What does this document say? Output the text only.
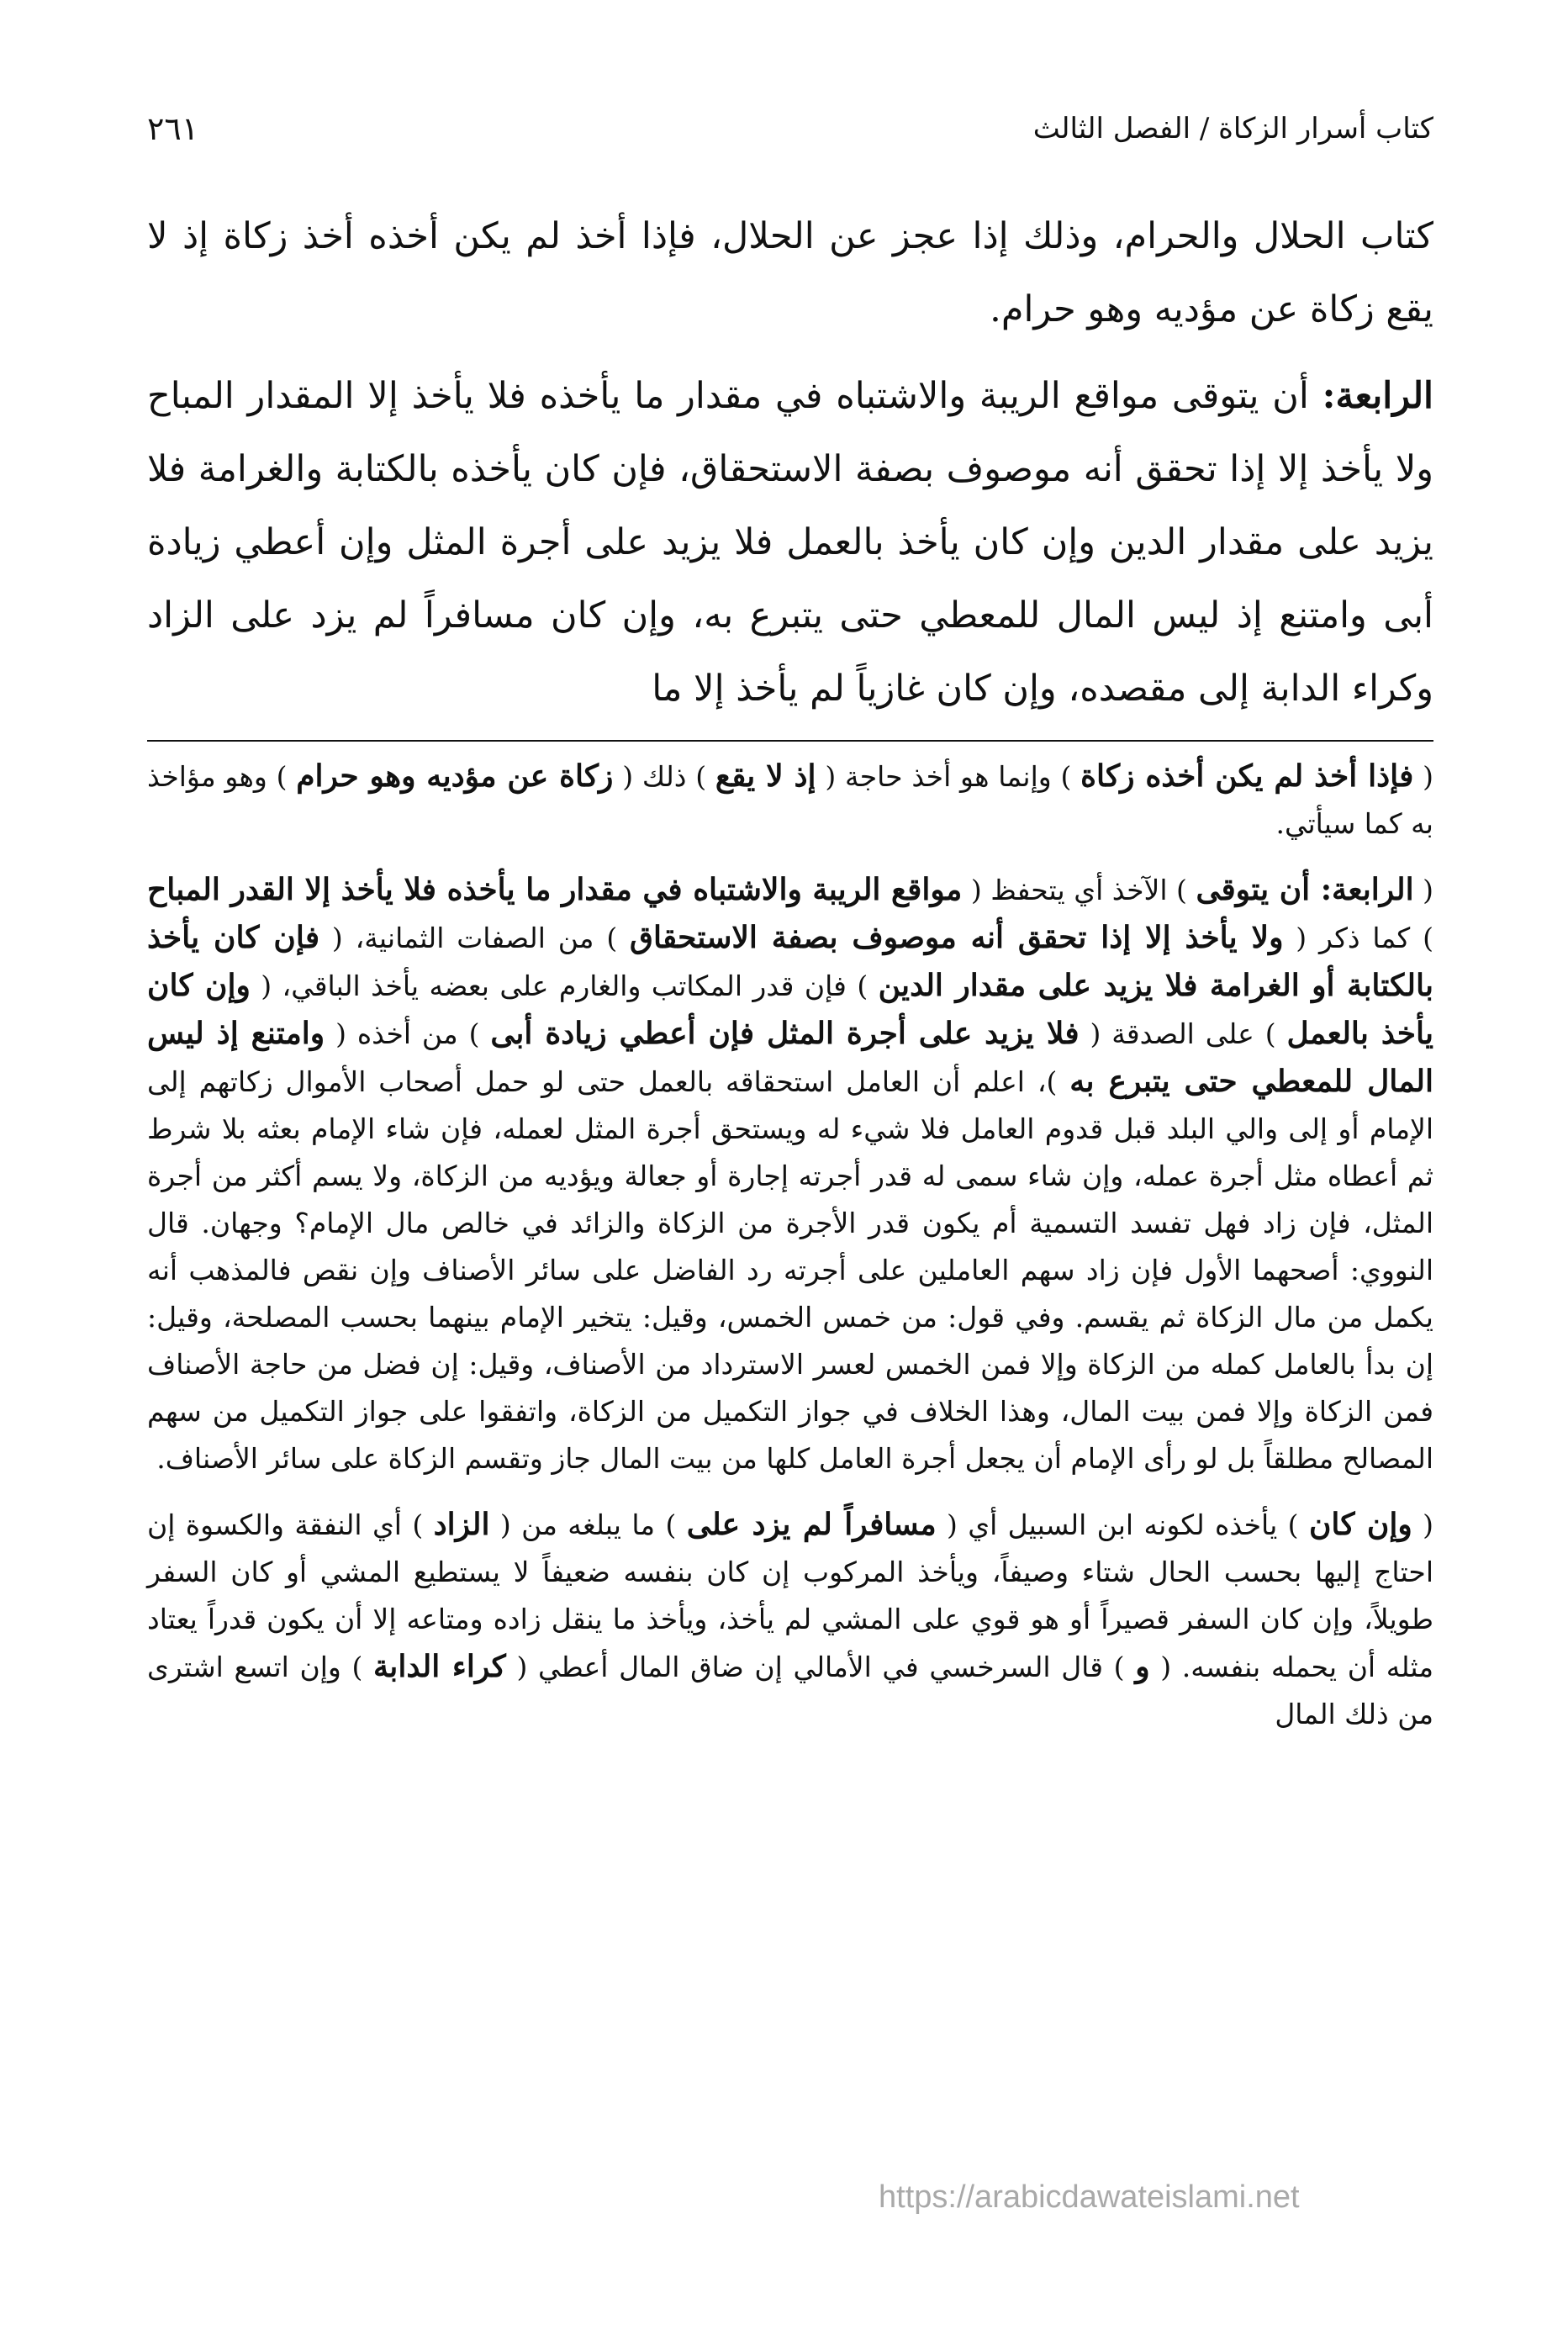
كتاب أسرار الزكاة / الفصل الثالث
٢٦١

كتاب الحلال والحرام، وذلك إذا عجز عن الحلال، فإذا أخذ لم يكن أخذه أخذ زكاة إذ لا يقع زكاة عن مؤديه وهو حرام.

الرابعة: أن يتوقى مواقع الريبة والاشتباه في مقدار ما يأخذه فلا يأخذ إلا المقدار المباح ولا يأخذ إلا إذا تحقق أنه موصوف بصفة الاستحقاق، فإن كان يأخذه بالكتابة والغرامة فلا يزيد على مقدار الدين وإن كان يأخذ بالعمل فلا يزيد على أجرة المثل وإن أعطي زيادة أبى وامتنع إذ ليس المال للمعطي حتى يتبرع به، وإن كان مسافراً لم يزد على الزاد وكراء الدابة إلى مقصده، وإن كان غازياً لم يأخذ إلا ما

( فإذا أخذ لم يكن أخذه زكاة ) وإنما هو أخذ حاجة ( إذ لا يقع ) ذلك ( زكاة عن مؤديه وهو حرام ) وهو مؤاخذ به كما سيأتي.

( الرابعة: أن يتوقى ) الآخذ أي يتحفظ ( مواقع الريبة والاشتباه في مقدار ما يأخذه فلا يأخذ إلا القدر المباح ) كما ذكر ( ولا يأخذ إلا إذا تحقق أنه موصوف بصفة الاستحقاق ) من الصفات الثمانية، ( فإن كان يأخذ بالكتابة أو الغرامة فلا يزيد على مقدار الدين ) فإن قدر المكاتب والغارم على بعضه يأخذ الباقي، ( وإن كان يأخذ بالعمل ) على الصدقة ( فلا يزيد على أجرة المثل فإن أعطي زيادة أبى ) من أخذه ( وامتنع إذ ليس المال للمعطي حتى يتبرع به )، اعلم أن العامل استحقاقه بالعمل حتى لو حمل أصحاب الأموال زكاتهم إلى الإمام أو إلى والي البلد قبل قدوم العامل فلا شيء له ويستحق أجرة المثل لعمله، فإن شاء الإمام بعثه بلا شرط ثم أعطاه مثل أجرة عمله، وإن شاء سمى له قدر أجرته إجارة أو جعالة ويؤديه من الزكاة، ولا يسم أكثر من أجرة المثل، فإن زاد فهل تفسد التسمية أم يكون قدر الأجرة من الزكاة والزائد في خالص مال الإمام؟ وجهان. قال النووي: أصحهما الأول فإن زاد سهم العاملين على أجرته رد الفاضل على سائر الأصناف وإن نقص فالمذهب أنه يكمل من مال الزكاة ثم يقسم. وفي قول: من خمس الخمس، وقيل: يتخير الإمام بينهما بحسب المصلحة، وقيل: إن بدأ بالعامل كمله من الزكاة وإلا فمن الخمس لعسر الاسترداد من الأصناف، وقيل: إن فضل من حاجة الأصناف فمن الزكاة وإلا فمن بيت المال، وهذا الخلاف في جواز التكميل من الزكاة، واتفقوا على جواز التكميل من سهم المصالح مطلقاً بل لو رأى الإمام أن يجعل أجرة العامل كلها من بيت المال جاز وتقسم الزكاة على سائر الأصناف.

( وإن كان ) يأخذه لكونه ابن السبيل أي ( مسافراً لم يزد على ) ما يبلغه من ( الزاد ) أي النفقة والكسوة إن احتاج إليها بحسب الحال شتاء وصيفاً، ويأخذ المركوب إن كان بنفسه ضعيفاً لا يستطيع المشي أو كان السفر طويلاً، وإن كان السفر قصيراً أو هو قوي على المشي لم يأخذ، ويأخذ ما ينقل زاده ومتاعه إلا أن يكون قدراً يعتاد مثله أن يحمله بنفسه. ( و ) قال السرخسي في الأمالي إن ضاق المال أعطي ( كراء الدابة ) وإن اتسع اشترى من ذلك المال

https://arabicdawateislami.net
